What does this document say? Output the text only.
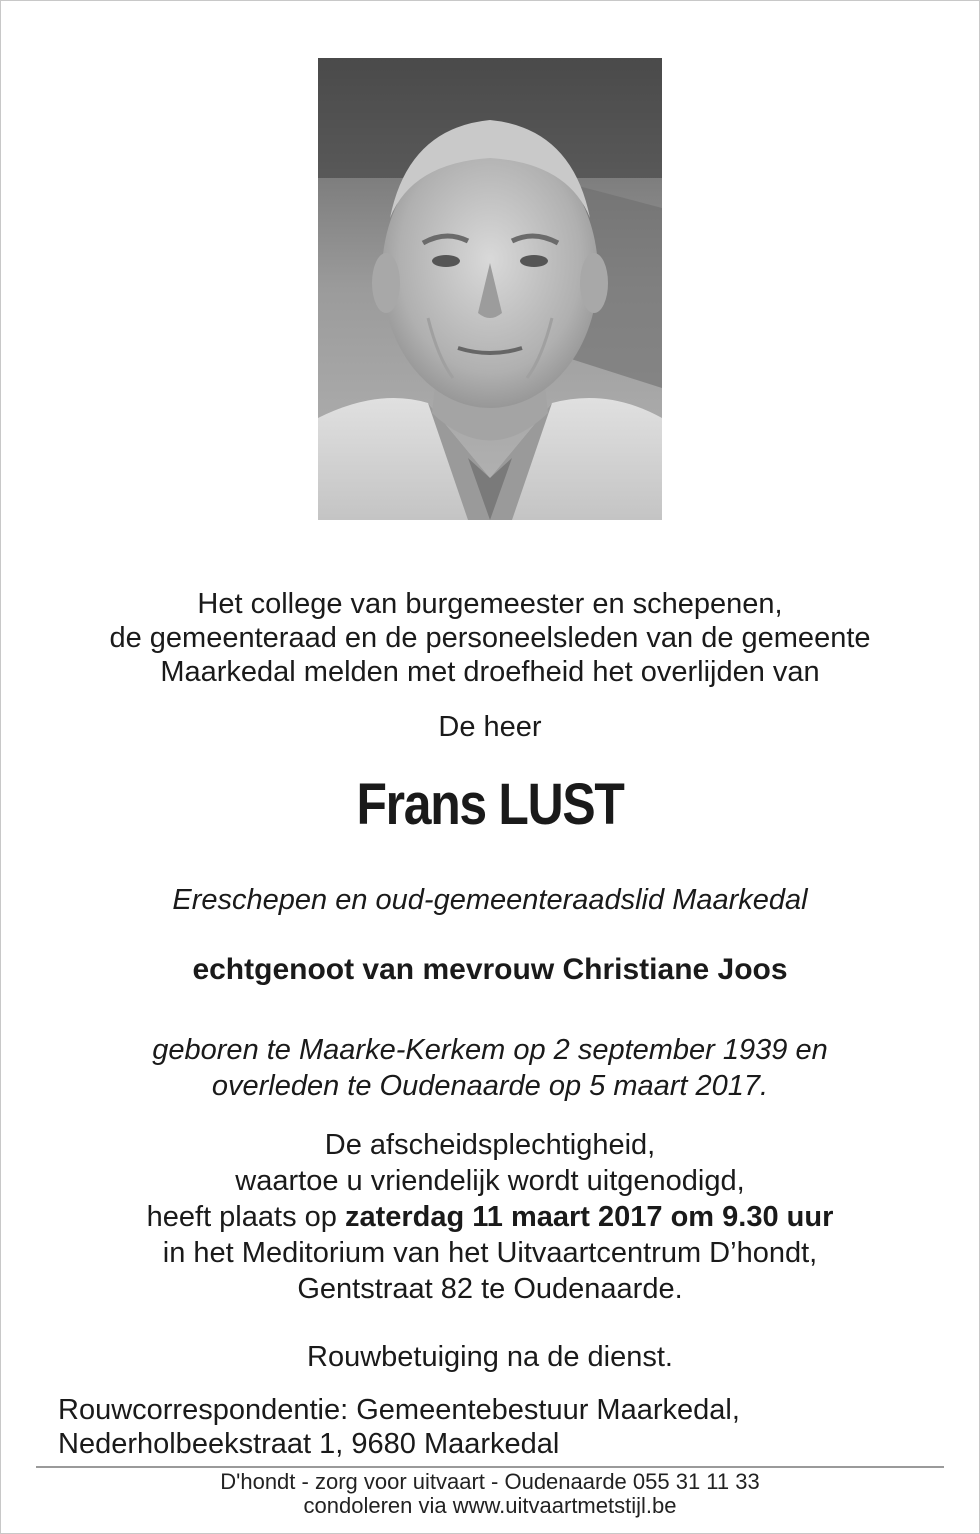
Het college van burgemeester en schepenen,
de gemeenteraad en de personeelsleden van de gemeente
Maarkedal melden met droefheid het overlijden van
De heer
Frans LUST
Ereschepen en oud-gemeenteraadslid Maarkedal
echtgenoot van mevrouw Christiane Joos
geboren te Maarke-Kerkem op 2 september 1939 en
overleden te Oudenaarde op 5 maart 2017.
De afscheidsplechtigheid,
waartoe u vriendelijk wordt uitgenodigd,
heeft plaats op zaterdag 11 maart 2017 om 9.30 uur
in het Meditorium van het Uitvaartcentrum D’hondt,
Gentstraat 82 te Oudenaarde.
Rouwbetuiging na de dienst.
Rouwcorrespondentie: Gemeentebestuur Maarkedal,
Nederholbeekstraat 1, 9680 Maarkedal
D'hondt - zorg voor uitvaart - Oudenaarde 055 31 11 33
condoleren via www.uitvaartmetstijl.be
